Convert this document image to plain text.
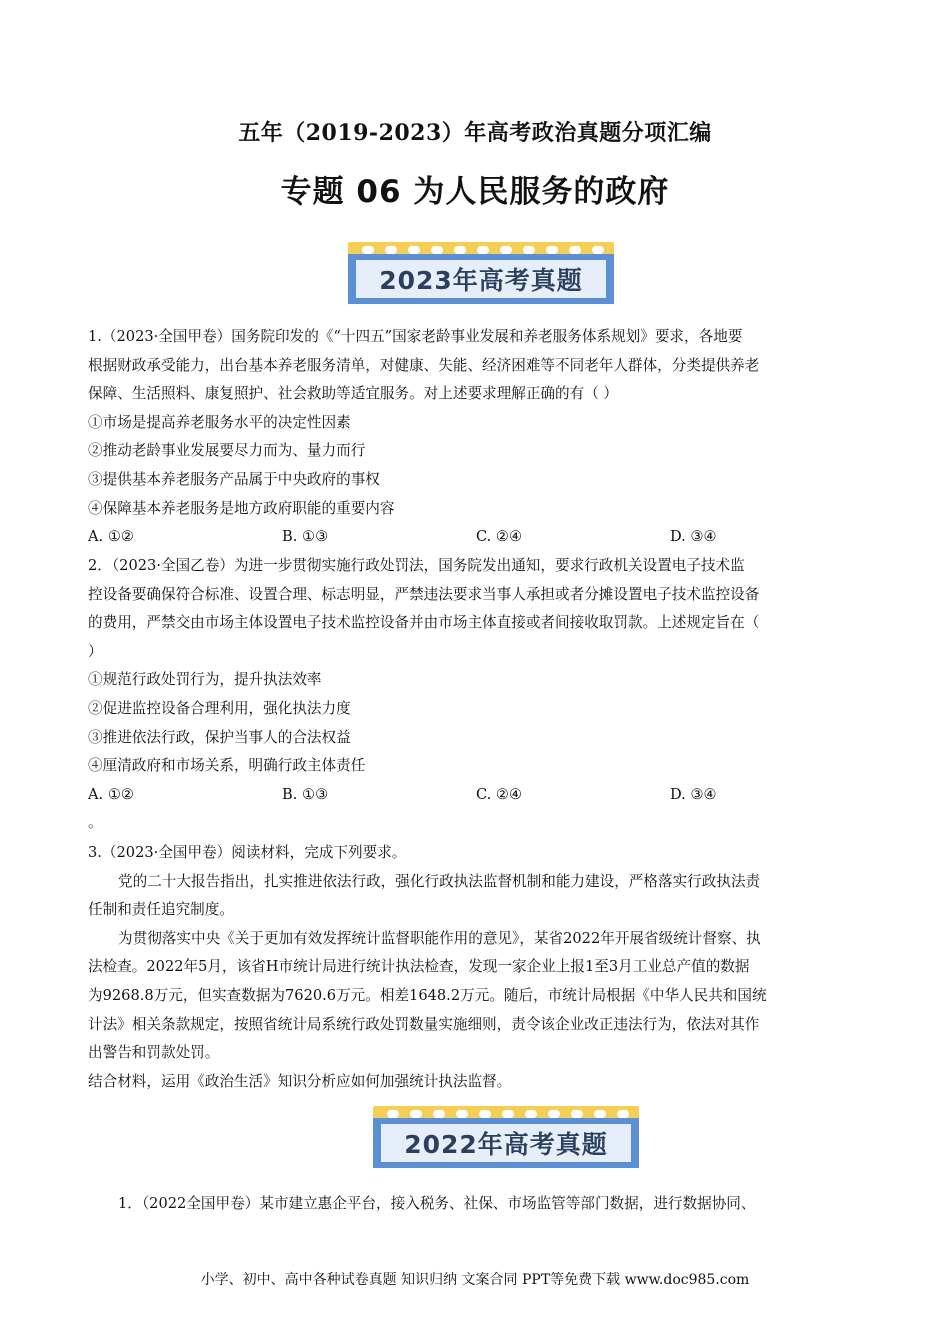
五年（2019-2023）年高考政治真题分项汇编
专题 06 为人民服务的政府
2023年高考真题
1.（2023·全国甲卷）国务院印发的《“十四五”国家老龄事业发展和养老服务体系规划》要求，各地要
根据财政承受能力，出台基本养老服务清单，对健康、失能、经济困难等不同老年人群体，分类提供养老
保障、生活照料、康复照护、社会救助等适宜服务。对上述要求理解正确的有（ ）
①市场是提高养老服务水平的决定性因素
②推动老龄事业发展要尽力而为、量力而行
③提供基本养老服务产品属于中央政府的事权
④保障基本养老服务是地方政府职能的重要内容
A. ①②	B. ①③	C. ②④	D. ③④
2．（2023·全国乙卷）为进一步贯彻实施行政处罚法，国务院发出通知，要求行政机关设置电子技术监
控设备要确保符合标准、设置合理、标志明显，严禁违法要求当事人承担或者分摊设置电子技术监控设备
的费用，严禁交由市场主体设置电子技术监控设备并由市场主体直接或者间接收取罚款。上述规定旨在（
）
①规范行政处罚行为，提升执法效率
②促进监控设备合理利用，强化执法力度
③推进依法行政，保护当事人的合法权益
④厘清政府和市场关系，明确行政主体责任
A. ①②	B. ①③	C. ②④	D. ③④
。
3.（2023·全国甲卷）阅读材料，完成下列要求。
党的二十大报告指出，扎实推进依法行政，强化行政执法监督机制和能力建设，严格落实行政执法责
任制和责任追究制度。
为贯彻落实中央《关于更加有效发挥统计监督职能作用的意见》，某省2022年开展省级统计督察、执
法检查。2022年5月，该省H市统计局进行统计执法检查，发现一家企业上报1至3月工业总产值的数据
为9268.8万元，但实查数据为7620.6万元。相差1648.2万元。随后，市统计局根据《中华人民共和国统
计法》相关条款规定，按照省统计局系统行政处罚数量实施细则，责令该企业改正违法行为，依法对其作
出警告和罚款处罚。
结合材料，运用《政治生活》知识分析应如何加强统计执法监督。
2022年高考真题
1．（2022全国甲卷）某市建立惠企平台，接入税务、社保、市场监管等部门数据，进行数据协同、
小学、初中、高中各种试卷真题 知识归纳 文案合同 PPT等免费下载 www.doc985.com
